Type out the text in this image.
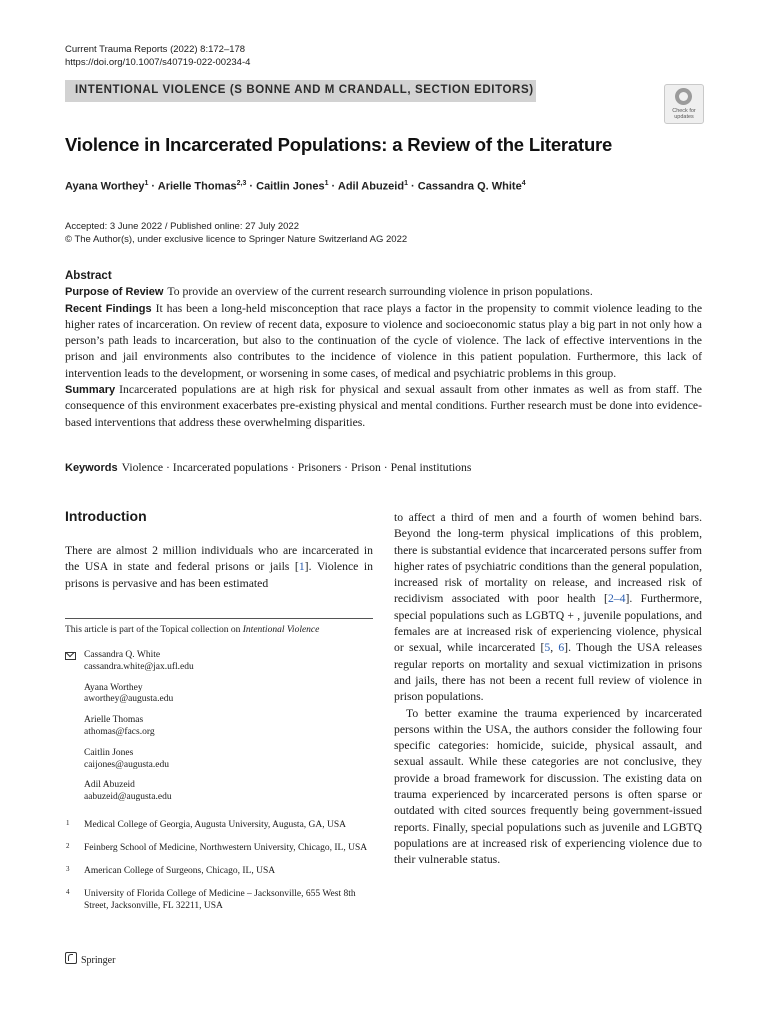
Current Trauma Reports (2022) 8:172–178
https://doi.org/10.1007/s40719-022-00234-4
INTENTIONAL VIOLENCE (S BONNE AND M CRANDALL, SECTION EDITORS)
Check for
updates
Violence in Incarcerated Populations: a Review of the Literature
Ayana Worthey$^1$ · Arielle Thomas$^{2,3}$ · Caitlin Jones$^1$ · Adil Abuzeid$^1$ · Cassandra Q. White$^4$
Accepted: 3 June 2022 / Published online: 27 July 2022
© The Author(s), under exclusive licence to Springer Nature Switzerland AG 2022
Abstract

Purpose of Review To provide an overview of the current research surrounding violence in prison populations.

Recent Findings It has been a long-held misconception that race plays a factor in the propensity to commit violence leading to the higher rates of incarceration. On review of recent data, exposure to violence and socioeconomic status play a big part in not only how a person’s path leads to incarceration, but also to the continuation of the cycle of violence. The lack of effective interventions in the prison and jail environments also contributes to the incidence of violence in this patient population. Furthermore, this lack of intervention leads to the development, or worsening in some cases, of medical and psychiatric problems in this group.

Summary Incarcerated populations are at high risk for physical and sexual assault from other inmates as well as from staff. The consequence of this environment exacerbates pre-existing physical and mental conditions. Further research must be done into evidence-based interventions that address these overwhelming disparities.

Keywords Violence · Incarcerated populations · Prisoners · Prison · Penal institutions
Introduction

There are almost 2 million individuals who are incarcerated in the USA in state and federal prisons or jails [1]. Violence in prisons is pervasive and has been estimated

This article is part of the Topical collection on Intentional Violence
Cassandra Q. White
cassandra.white@jax.ufl.edu
Ayana Worthey
aworthey@augusta.edu
Arielle Thomas
athomas@facs.org
Caitlin Jones
caijones@augusta.edu
Adil Abuzeid
aabuzeid@augusta.edu
1 Medical College of Georgia, Augusta University, Augusta, GA, USA
2 Feinberg School of Medicine, Northwestern University, Chicago, IL, USA
3 American College of Surgeons, Chicago, IL, USA
4 University of Florida College of Medicine – Jacksonville, 655 West 8th Street, Jacksonville, FL 32211, USA

to affect a third of men and a fourth of women behind bars. Beyond the long-term physical implications of this problem, there is substantial evidence that incarcerated persons suffer from higher rates of psychiatric conditions than the general population, increased risk of mortality on release, and increased risk of recidivism associated with poor health [2–4]. Furthermore, special populations such as LGBTQ + , juvenile populations, and females are at increased risk of experiencing violence, physical or sexual, while incarcerated [5, 6]. Though the USA releases regular reports on mortality and sexual victimization in prisons and jails, there has not been a recent full review of violence in prison populations.

To better examine the trauma experienced by incarcerated persons within the USA, the authors consider the following four specific categories: homicide, suicide, physical assault, and sexual assault. While these categories are not conclusive, they provide a broad framework for discussion. The existing data on trauma experienced by incarcerated persons is often sparse or outdated with cited sources frequently being government-issued reports. Finally, special populations such as juvenile and LGBTQ populations are at increased risk of experiencing violence due to their vulnerable status.

Springer
